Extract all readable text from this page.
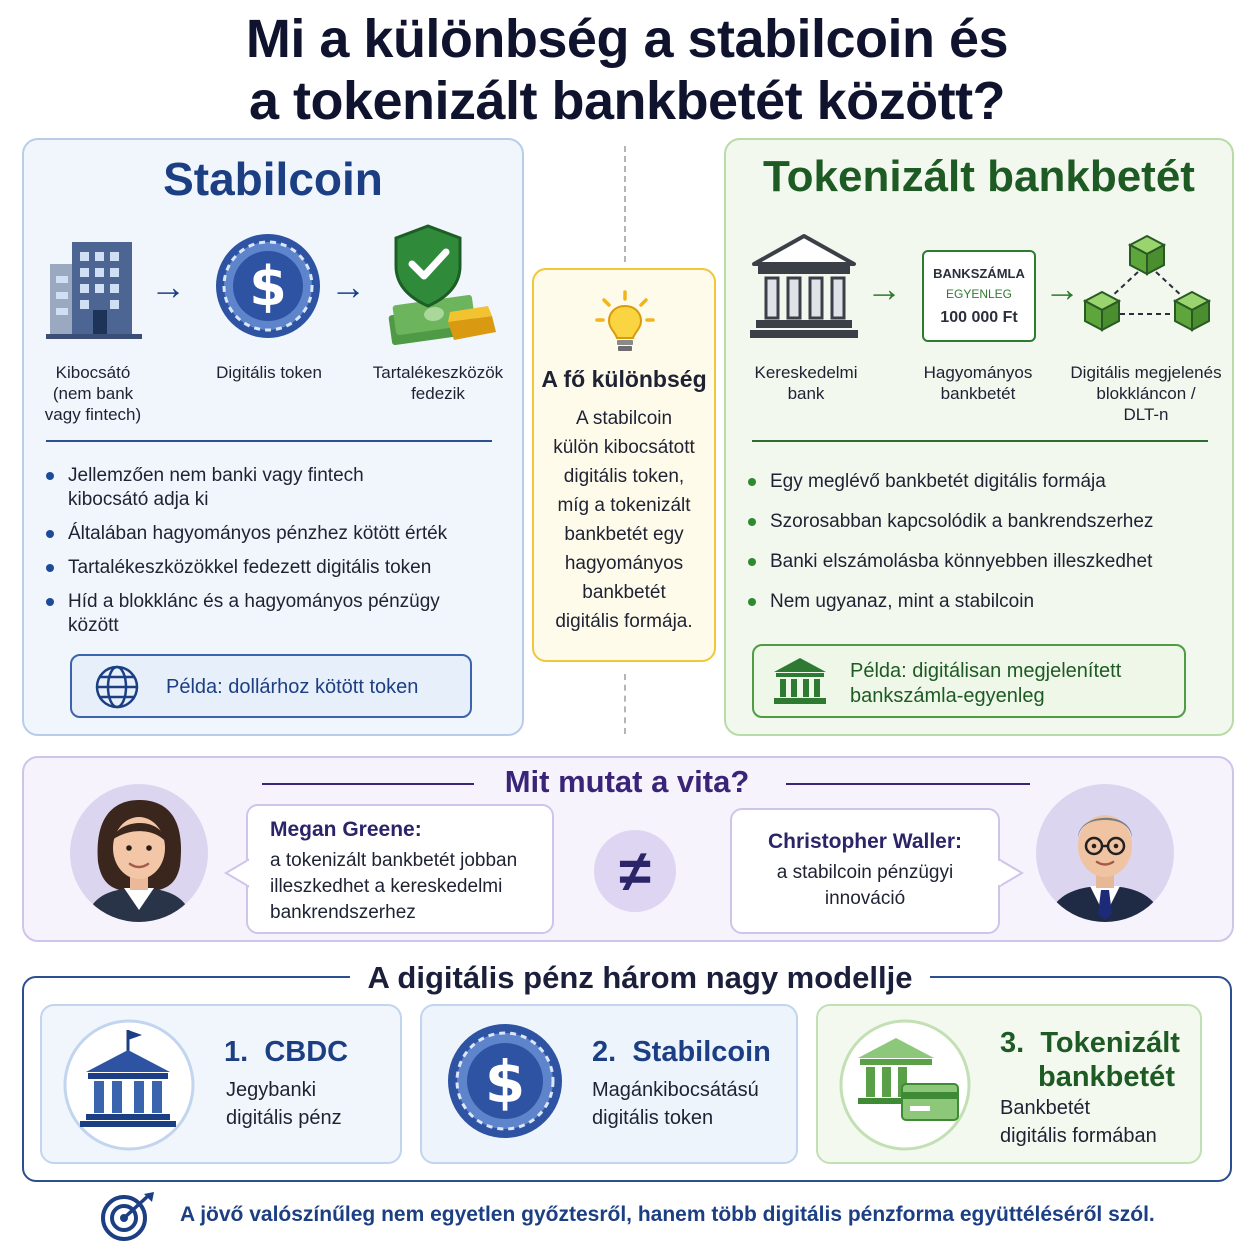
Mi a különbség a stabilcoin és
a tokenizált bankbetét között?
Stabilcoin
→ $ →
Kibocsátó
(nem bank
vagy fintech)
Digitális token	Tartalékeszközök
fedezik
Jellemzően nem banki vagy fintech
kibocsátó adja ki
Általában hagyományos pénzhez kötött érték
Tartalékeszközökkel fedezett digitális token
Híd a blokklánc és a hagyományos pénzügy
között
Példa: dollárhoz kötött token
A fő különbség
A stabilcoin
külön kibocsátott
digitális token,
míg a tokenizált
bankbetét egy
hagyományos
bankbetét
digitális formája.
Tokenizált bankbetét
→	BANKSZÁMLA
EGYENLEG
100 000 Ft
→
Kereskedelmi
bank
Hagyományos
bankbetét
Digitális megjelenés
blokkláncon /
DLT-n
Egy meglévő bankbetét digitális formája
Szorosabban kapcsolódik a bankrendszerhez
Banki elszámolásba könnyebben illeszkedhet
Nem ugyanaz, mint a stabilcoin
Példa: digitálisan megjelenített
bankszámla-egyenleg
Mit mutat a vita?
Megan Greene:
a tokenizált bankbetét jobban
illeszkedhet a kereskedelmi
bankrendszerhez
≠	Christopher Waller:
a stabilcoin pénzügyi
innováció
A digitális pénz három nagy modellje
1. CBDC
Jegybanki
digitális pénz
$ 2. Stabilcoin
Magánkibocsátású
digitális token
3. Tokenizált
bankbetét
Bankbetét
digitális formában
A jövő valószínűleg nem egyetlen győztesről, hanem több digitális pénzforma együttéléséről szól.
